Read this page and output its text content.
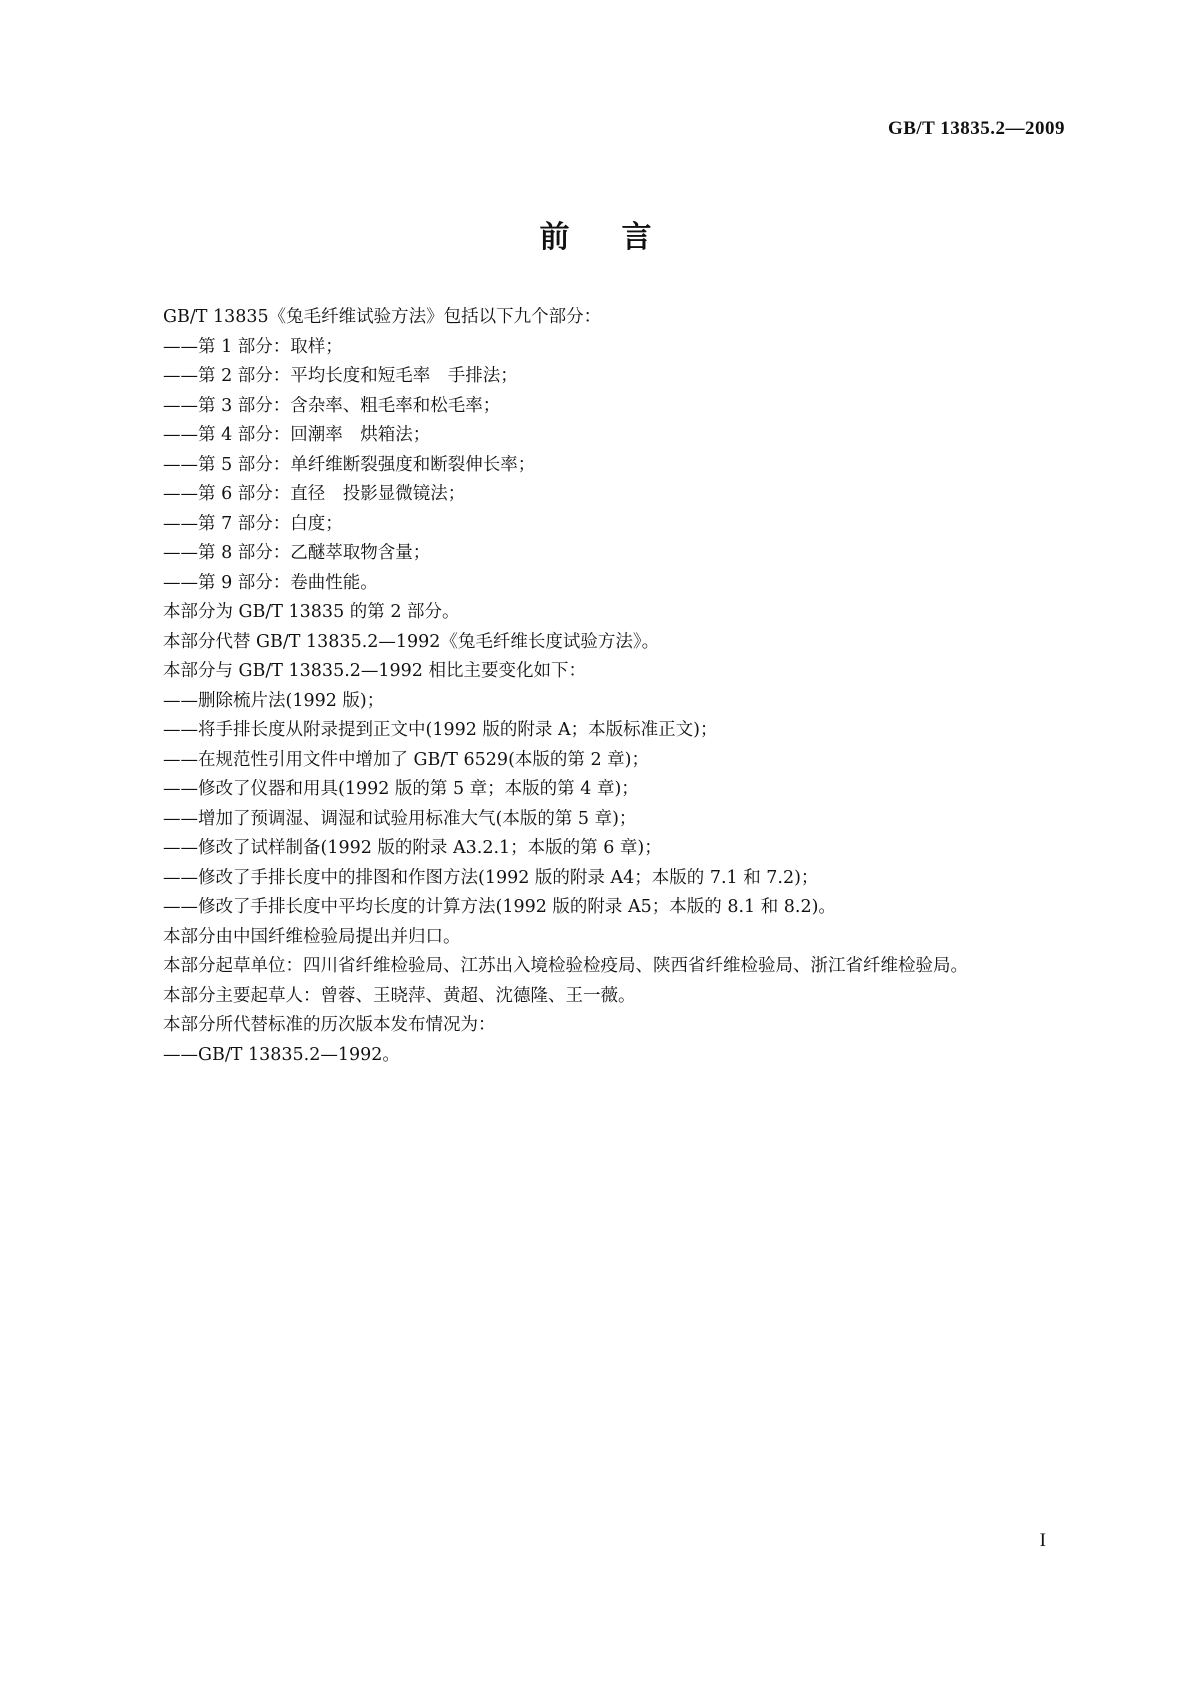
GB/T 13835.2—2009
前言

GB/T 13835《兔毛纤维试验方法》包括以下九个部分：

——第 1 部分：取样；

——第 2 部分：平均长度和短毛率　手排法；

——第 3 部分：含杂率、粗毛率和松毛率；

——第 4 部分：回潮率　烘箱法；

——第 5 部分：单纤维断裂强度和断裂伸长率；

——第 6 部分：直径　投影显微镜法；

——第 7 部分：白度；

——第 8 部分：乙醚萃取物含量；

——第 9 部分：卷曲性能。

本部分为 GB/T 13835 的第 2 部分。

本部分代替 GB/T 13835.2—1992《兔毛纤维长度试验方法》。

本部分与 GB/T 13835.2—1992 相比主要变化如下：

——删除梳片法(1992 版)；

——将手排长度从附录提到正文中(1992 版的附录 A；本版标准正文)；

——在规范性引用文件中增加了 GB/T 6529(本版的第 2 章)；

——修改了仪器和用具(1992 版的第 5 章；本版的第 4 章)；

——增加了预调湿、调湿和试验用标准大气(本版的第 5 章)；

——修改了试样制备(1992 版的附录 A3.2.1；本版的第 6 章)；

——修改了手排长度中的排图和作图方法(1992 版的附录 A4；本版的 7.1 和 7.2)；

——修改了手排长度中平均长度的计算方法(1992 版的附录 A5；本版的 8.1 和 8.2)。

本部分由中国纤维检验局提出并归口。

本部分起草单位：四川省纤维检验局、江苏出入境检验检疫局、陕西省纤维检验局、浙江省纤维检验局。

本部分主要起草人：曾蓉、王晓萍、黄超、沈德隆、王一薇。

本部分所代替标准的历次版本发布情况为：

——GB/T 13835.2—1992。

I
